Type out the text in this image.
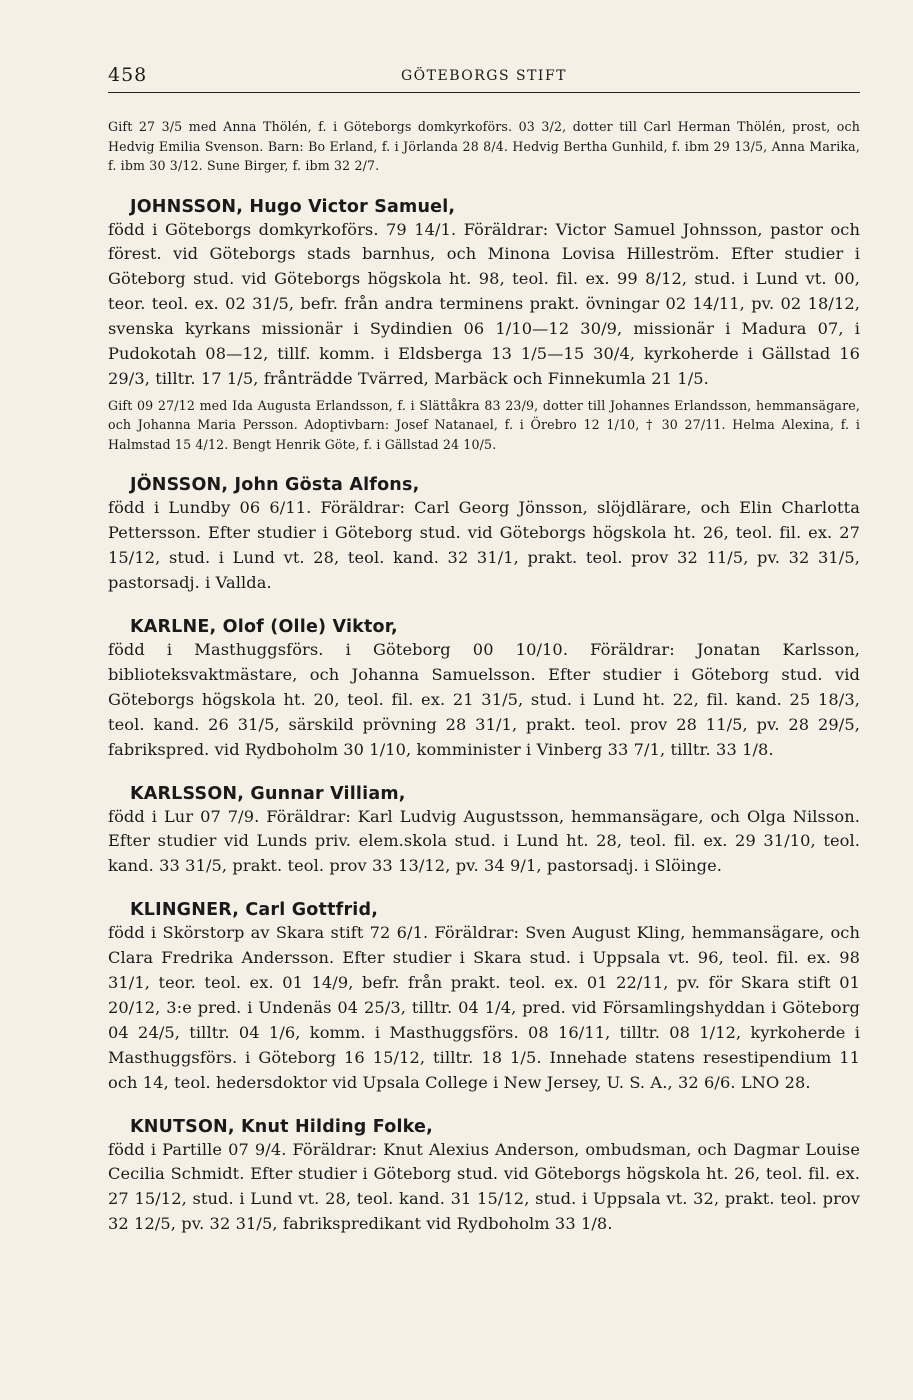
458	GÖTEBORGS STIFT

Gift 27 3/5 med Anna Thölén, f. i Göteborgs domkyrkoförs. 03 3/2, dotter till Carl Herman Thölén, prost, och Hedvig Emilia Svenson. Barn: Bo Erland, f. i Jörlanda 28 8/4. Hedvig Bertha Gunhild, f. ibm 29 13/5, Anna Marika, f. ibm 30 3/12. Sune Birger, f. ibm 32 2/7.

JOHNSSON, Hugo Victor Samuel,

född i Göteborgs domkyrkoförs. 79 14/1. Föräldrar: Victor Samuel Johnsson, pastor och förest. vid Göteborgs stads barnhus, och Minona Lovisa Hilleström. Efter studier i Göteborg stud. vid Göteborgs högskola ht. 98, teol. fil. ex. 99 8/12, stud. i Lund vt. 00, teor. teol. ex. 02 31/5, befr. från andra terminens prakt. övningar 02 14/11, pv. 02 18/12, svenska kyrkans missionär i Sydindien 06 1/10—12 30/9, missionär i Madura 07, i Pudokotah 08—12, tillf. komm. i Eldsberga 13 1/5—15 30/4, kyrkoherde i Gällstad 16 29/3, tilltr. 17 1/5, frånträdde Tvärred, Marbäck och Finnekumla 21 1/5.

Gift 09 27/12 med Ida Augusta Erlandsson, f. i Slättåkra 83 23/9, dotter till Johannes Erlandsson, hemmansägare, och Johanna Maria Persson. Adoptivbarn: Josef Natanael, f. i Örebro 12 1/10, † 30 27/11. Helma Alexina, f. i Halmstad 15 4/12. Bengt Henrik Göte, f. i Gällstad 24 10/5.

JÖNSSON, John Gösta Alfons,

född i Lundby 06 6/11. Föräldrar: Carl Georg Jönsson, slöjdlärare, och Elin Charlotta Pettersson. Efter studier i Göteborg stud. vid Göteborgs högskola ht. 26, teol. fil. ex. 27 15/12, stud. i Lund vt. 28, teol. kand. 32 31/1, prakt. teol. prov 32 11/5, pv. 32 31/5, pastorsadj. i Vallda.

KARLNE, Olof (Olle) Viktor,

född i Masthuggsförs. i Göteborg 00 10/10. Föräldrar: Jonatan Karlsson, biblioteksvaktmästare, och Johanna Samuelsson. Efter studier i Göteborg stud. vid Göteborgs högskola ht. 20, teol. fil. ex. 21 31/5, stud. i Lund ht. 22, fil. kand. 25 18/3, teol. kand. 26 31/5, särskild prövning 28 31/1, prakt. teol. prov 28 11/5, pv. 28 29/5, fabrikspred. vid Rydboholm 30 1/10, komminister i Vinberg 33 7/1, tilltr. 33 1/8.

KARLSSON, Gunnar Villiam,

född i Lur 07 7/9. Föräldrar: Karl Ludvig Augustsson, hemmansägare, och Olga Nilsson. Efter studier vid Lunds priv. elem.skola stud. i Lund ht. 28, teol. fil. ex. 29 31/10, teol. kand. 33 31/5, prakt. teol. prov 33 13/12, pv. 34 9/1, pastorsadj. i Slöinge.

KLINGNER, Carl Gottfrid,

född i Skörstorp av Skara stift 72 6/1. Föräldrar: Sven August Kling, hemmansägare, och Clara Fredrika Andersson. Efter studier i Skara stud. i Uppsala vt. 96, teol. fil. ex. 98 31/1, teor. teol. ex. 01 14/9, befr. från prakt. teol. ex. 01 22/11, pv. för Skara stift 01 20/12, 3:e pred. i Undenäs 04 25/3, tilltr. 04 1/4, pred. vid Församlingshyddan i Göteborg 04 24/5, tilltr. 04 1/6, komm. i Masthuggsförs. 08 16/11, tilltr. 08 1/12, kyrkoherde i Masthuggsförs. i Göteborg 16 15/12, tilltr. 18 1/5. Innehade statens resestipendium 11 och 14, teol. hedersdoktor vid Upsala College i New Jersey, U. S. A., 32 6/6. LNO 28.

KNUTSON, Knut Hilding Folke,

född i Partille 07 9/4. Föräldrar: Knut Alexius Anderson, ombudsman, och Dagmar Louise Cecilia Schmidt. Efter studier i Göteborg stud. vid Göteborgs högskola ht. 26, teol. fil. ex. 27 15/12, stud. i Lund vt. 28, teol. kand. 31 15/12, stud. i Uppsala vt. 32, prakt. teol. prov 32 12/5, pv. 32 31/5, fabrikspredikant vid Rydboholm 33 1/8.
